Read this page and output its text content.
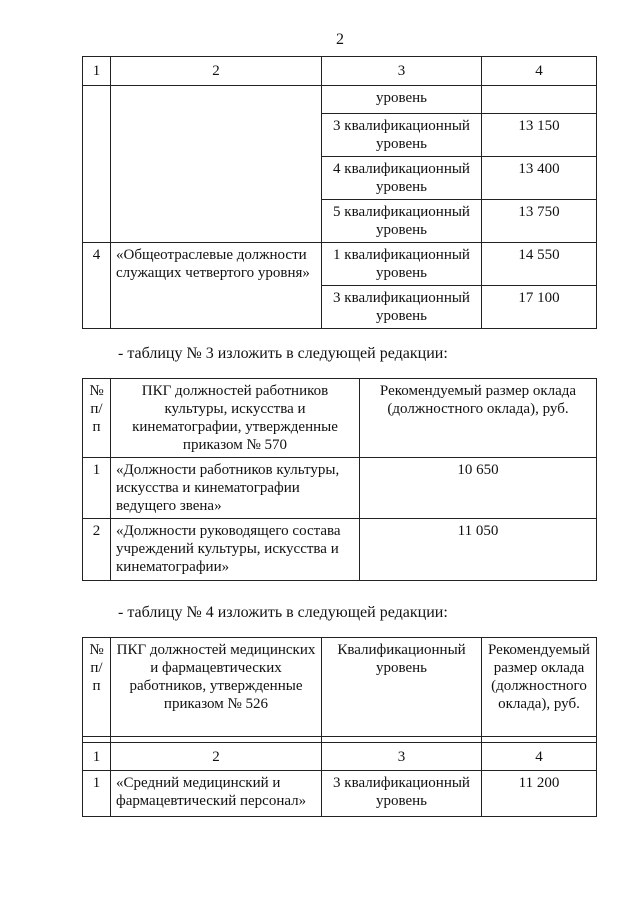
2
1	2	3	4
		уровень	
		3 квалификационный уровень	13 150
		4 квалификационный уровень	13 400
		5 квалификационный уровень	13 750
4	«Общеотраслевые должности служащих четвертого уровня»	1 квалификационный уровень	14 550
		3 квалификационный уровень	17 100
- таблицу № 3 изложить в следующей редакции:
№ п/п	ПКГ должностей работников культуры, искусства и кинематографии, утвержденные приказом № 570	Рекомендуемый размер оклада (должностного оклада), руб.
1	«Должности работников культуры, искусства и кинематографии ведущего звена»	10 650
2	«Должности руководящего состава учреждений культуры, искусства и кинематографии»	11 050
- таблицу № 4 изложить в следующей редакции:
№ п/п	ПКГ должностей медицинских и фармацевтических работников, утвержденные приказом № 526	Квалификационный уровень	Рекомендуемый размер оклада (должностного оклада), руб.

1	2	3	4
1	«Средний медицинский и фармацевтический персонал»	3 квалификационный уровень	11 200
